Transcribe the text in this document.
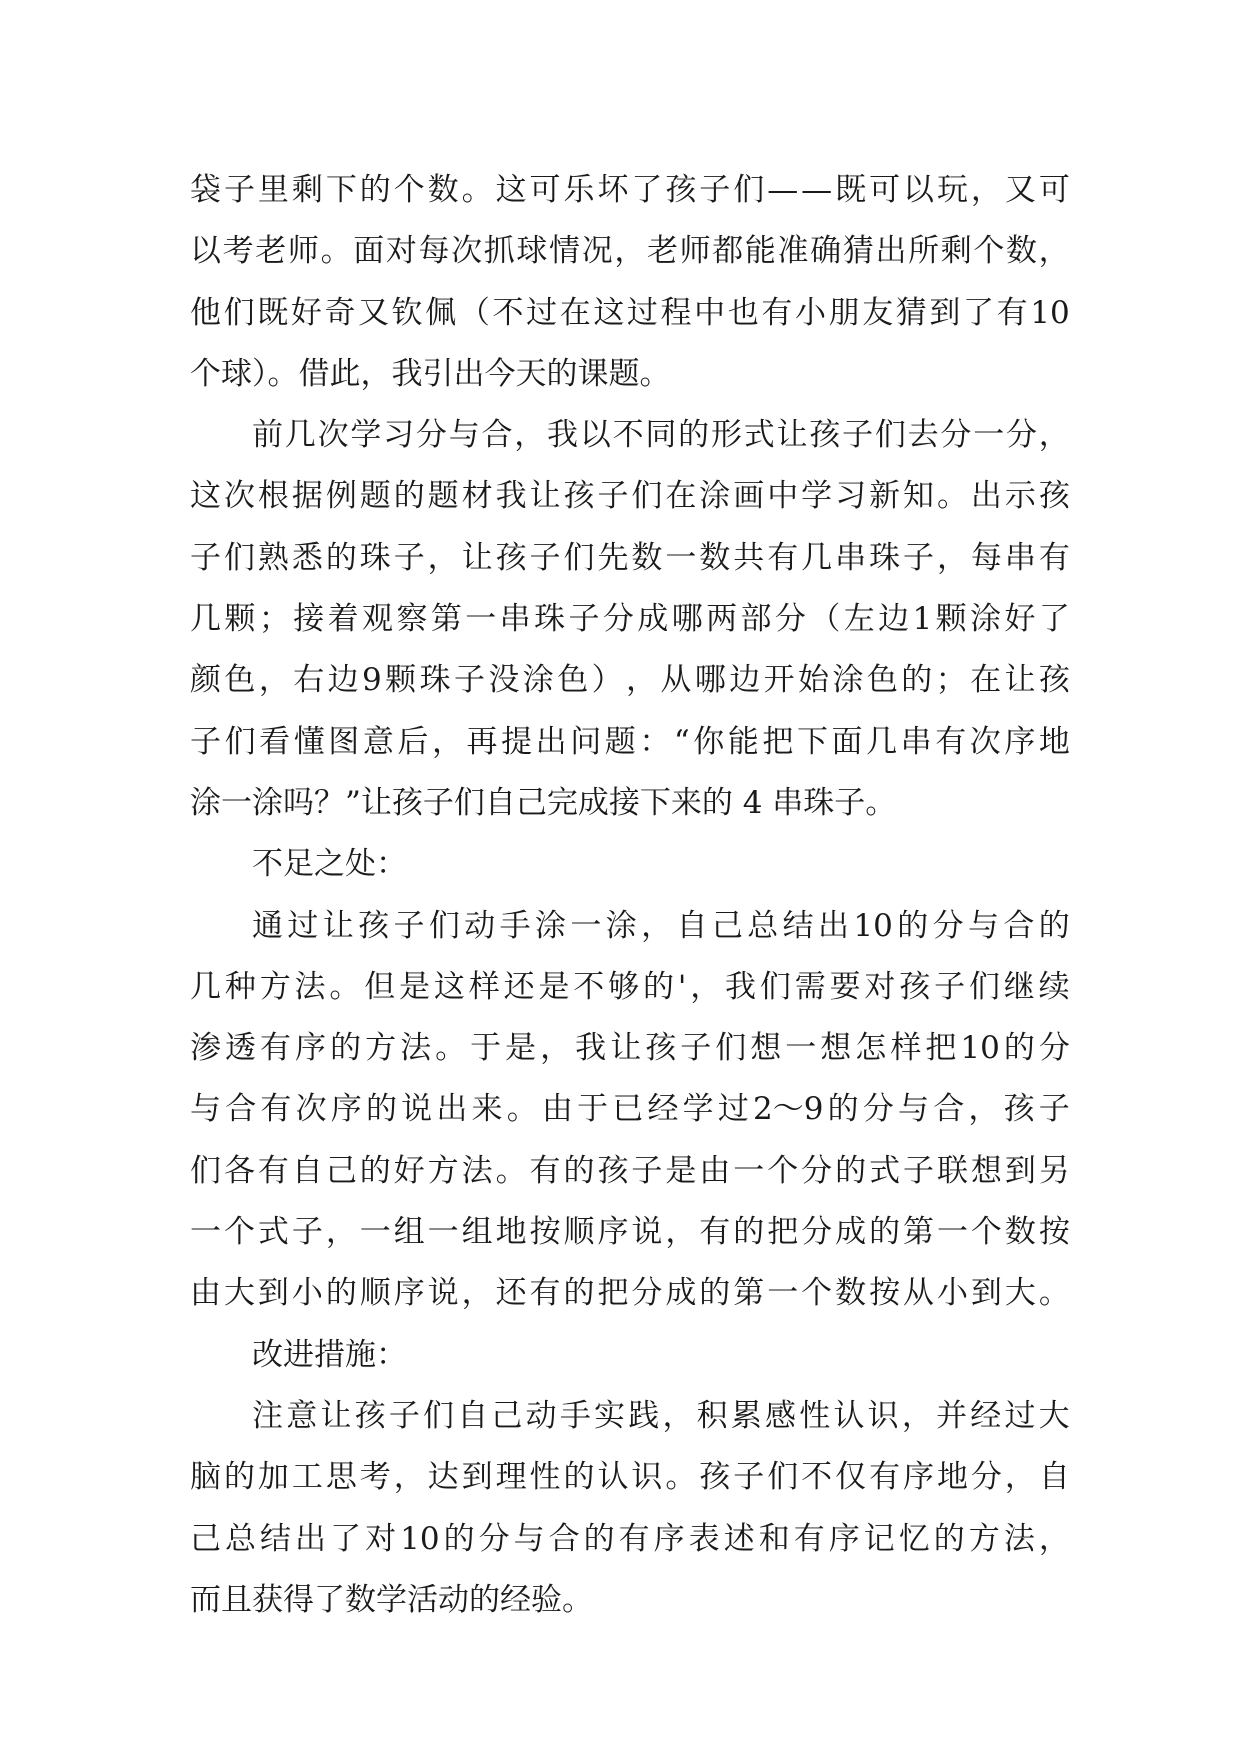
袋 子 里 剩 下 的 个 数 。 这 可 乐 坏 了 孩 子 们 — — 既 可 以 玩 ， 又 可
以 考 老 师 。 面 对 每 次 抓 球 情 况 ， 老 师 都 能 准 确 猜 出 所 剩 个 数 ，
他 们 既 好 奇 又 钦 佩 （ 不 过 在 这 过 程 中 也 有 小 朋 友 猜 到 了 有 10
个球）。借此，我引出今天的课题。
前 几 次 学 习 分 与 合 ， 我 以 不 同 的 形 式 让 孩 子 们 去 分 一 分 ，
这 次 根 据 例 题 的 题 材 我 让 孩 子 们 在 涂 画 中 学 习 新 知 。 出 示 孩
子 们 熟 悉 的 珠 子 ， 让 孩 子 们 先 数 一 数 共 有 几 串 珠 子 ， 每 串 有
几 颗 ； 接 着 观 察 第 一 串 珠 子 分 成 哪 两 部 分 （ 左 边 1 颗 涂 好 了
颜 色 ， 右 边 9 颗 珠 子 没 涂 色 ） ， 从 哪 边 开 始 涂 色 的 ； 在 让 孩
子 们 看 懂 图 意 后 ， 再 提 出 问 题 ： “ 你 能 把 下 面 几 串 有 次 序 地
涂一涂吗？”让孩子们自己完成接下来的 4 串珠子。
不足之处：
通 过 让 孩 子 们 动 手 涂 一 涂 ， 自 己 总 结 出 10 的 分 与 合 的
几 种 方 法 。 但 是 这 样 还 是 不 够 的 ' ， 我 们 需 要 对 孩 子 们 继 续
渗 透 有 序 的 方 法 。 于 是 ， 我 让 孩 子 们 想 一 想 怎 样 把 10 的 分
与 合 有 次 序 的 说 出 来 。 由 于 已 经 学 过 2～9 的 分 与 合 ， 孩 子
们 各 有 自 己 的 好 方 法 。 有 的 孩 子 是 由 一 个 分 的 式 子 联 想 到 另
一 个 式 子 ， 一 组 一 组 地 按 顺 序 说 ， 有 的 把 分 成 的 第 一 个 数 按
由 大 到 小 的 顺 序 说 ， 还 有 的 把 分 成 的 第 一 个 数 按 从 小 到 大 。
改进措施：
注 意 让 孩 子 们 自 己 动 手 实 践 ， 积 累 感 性 认 识 ， 并 经 过 大
脑 的 加 工 思 考 ， 达 到 理 性 的 认 识 。 孩 子 们 不 仅 有 序 地 分 ， 自
己 总 结 出 了 对 10 的 分 与 合 的 有 序 表 述 和 有 序 记 忆 的 方 法 ，
而且获得了数学活动的经验。
